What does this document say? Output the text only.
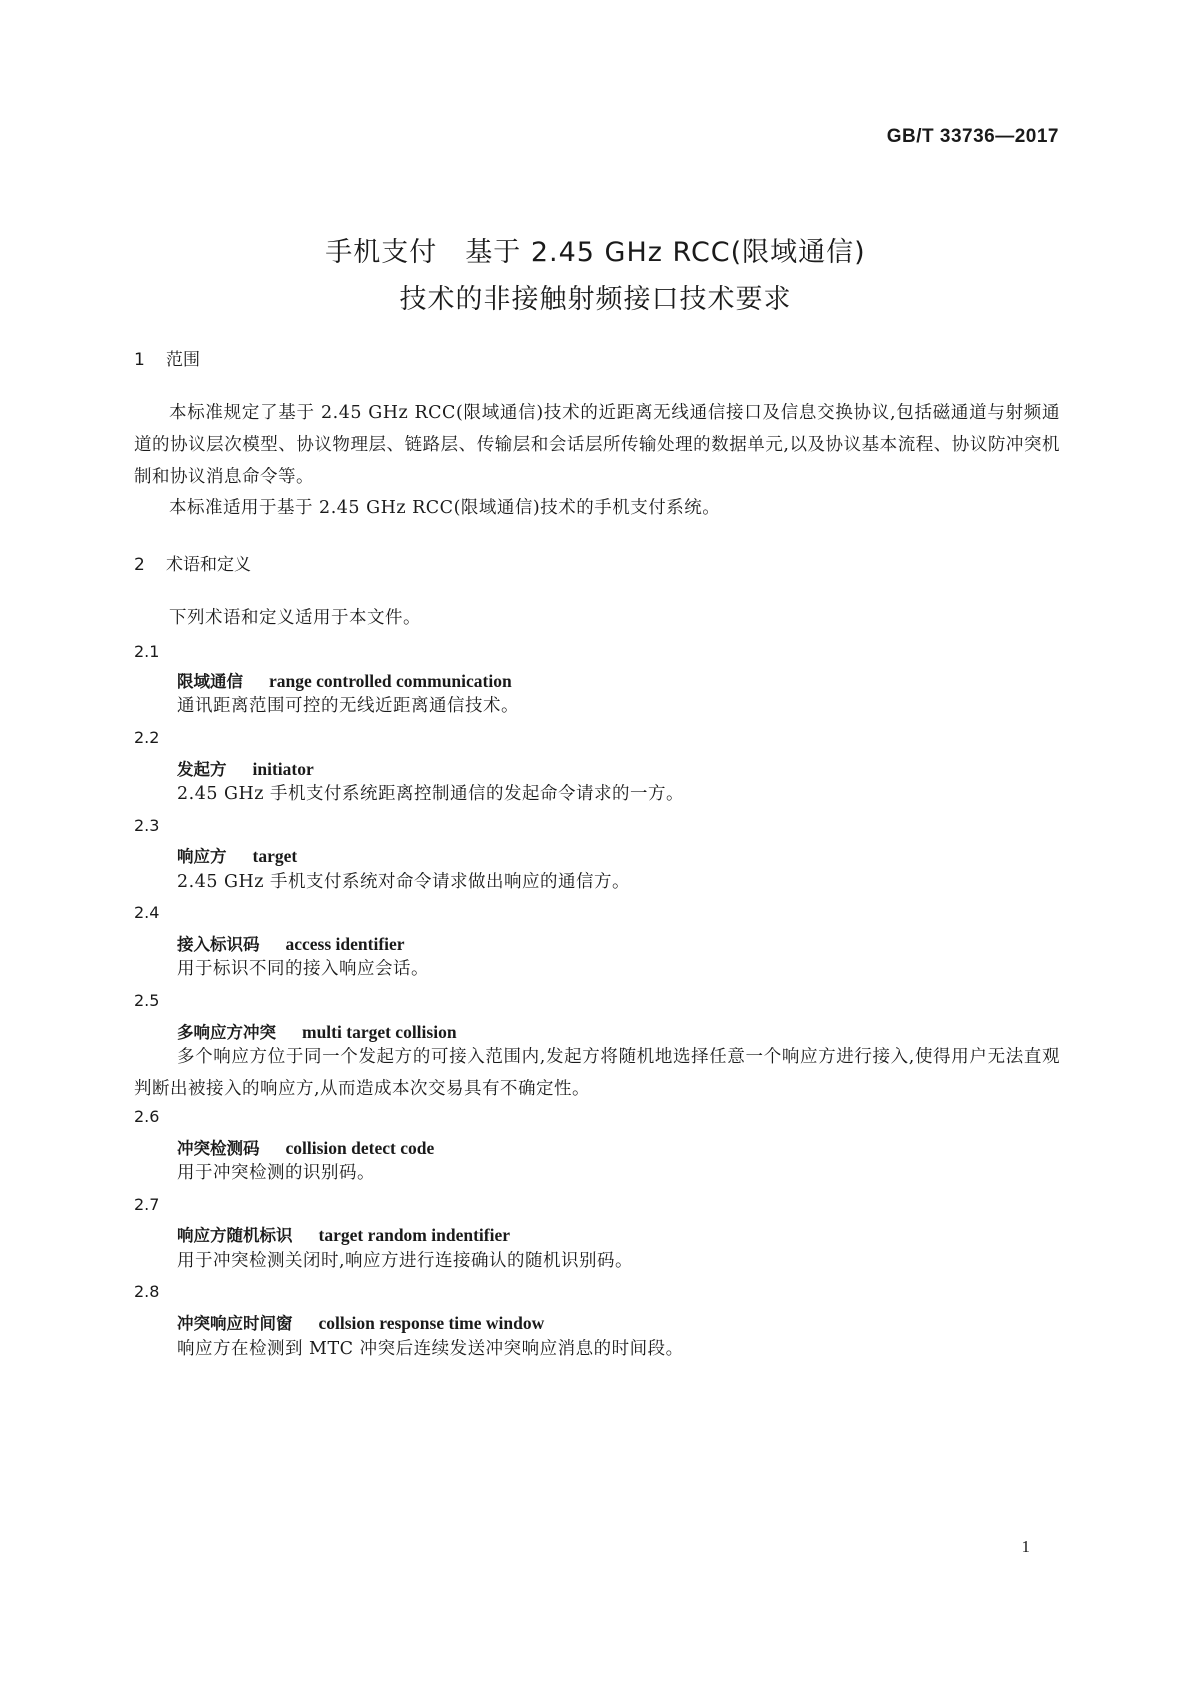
GB/T 33736—2017
手机支付　基于 2.45 GHz RCC(限域通信)
技术的非接触射频接口技术要求
1 范围
本标准规定了基于 2.45 GHz RCC(限域通信)技术的近距离无线通信接口及信息交换协议,包括磁通道与射频通道的协议层次模型、协议物理层、链路层、传输层和会话层所传输处理的数据单元,以及协议基本流程、协议防冲突机制和协议消息命令等。
本标准适用于基于 2.45 GHz RCC(限域通信)技术的手机支付系统。
2 术语和定义
下列术语和定义适用于本文件。
2.1
限域通信 range controlled communication
通讯距离范围可控的无线近距离通信技术。
2.2
发起方 initiator
2.45 GHz 手机支付系统距离控制通信的发起命令请求的一方。
2.3
响应方 target
2.45 GHz 手机支付系统对命令请求做出响应的通信方。
2.4
接入标识码 access identifier
用于标识不同的接入响应会话。
2.5
多响应方冲突 multi target collision
多个响应方位于同一个发起方的可接入范围内,发起方将随机地选择任意一个响应方进行接入,使得用户无法直观判断出被接入的响应方,从而造成本次交易具有不确定性。
2.6
冲突检测码 collision detect code
用于冲突检测的识别码。
2.7
响应方随机标识 target random indentifier
用于冲突检测关闭时,响应方进行连接确认的随机识别码。
2.8
冲突响应时间窗 collsion response time window
响应方在检测到 MTC 冲突后连续发送冲突响应消息的时间段。
1
